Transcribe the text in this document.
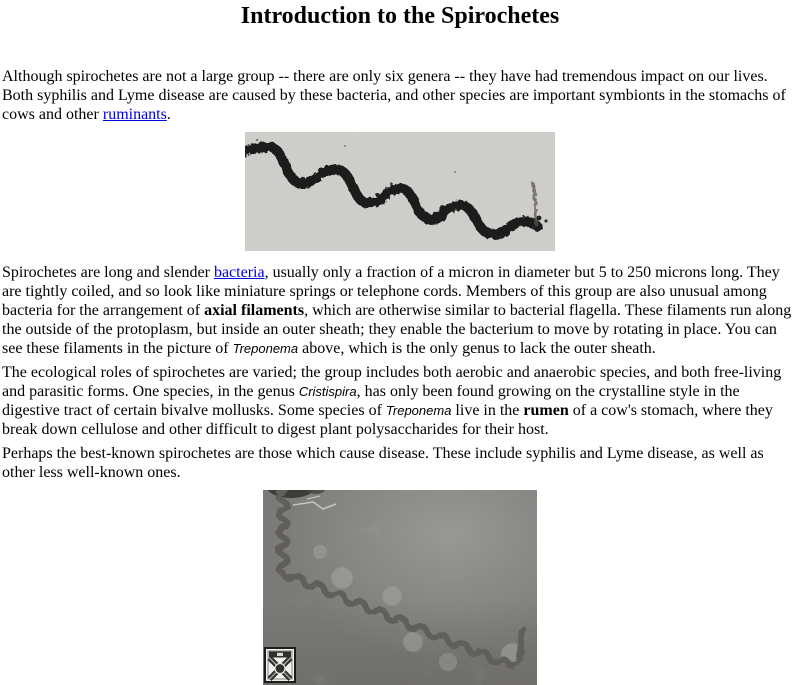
Introduction to the Spirochetes

Although spirochetes are not a large group -- there are only six genera -- they have had tremendous impact on our lives. Both syphilis and Lyme disease are caused by these bacteria, and other species are important symbionts in the stomachs of cows and other ruminants.

Spirochetes are long and slender bacteria, usually only a fraction of a micron in diameter but 5 to 250 microns long. They are tightly coiled, and so look like miniature springs or telephone cords. Members of this group are also unusual among bacteria for the arrangement of axial filaments, which are otherwise similar to bacterial flagella. These filaments run along the outside of the protoplasm, but inside an outer sheath; they enable the bacterium to move by rotating in place. You can see these filaments in the picture of Treponema above, which is the only genus to lack the outer sheath.

The ecological roles of spirochetes are varied; the group includes both aerobic and anaerobic species, and both free-living and parasitic forms. One species, in the genus Cristispira, has only been found growing on the crystalline style in the digestive tract of certain bivalve mollusks. Some species of Treponema live in the rumen of a cow's stomach, where they break down cellulose and other difficult to digest plant polysaccharides for their host.

Perhaps the best-known spirochetes are those which cause disease. These include syphilis and Lyme disease, as well as other less well-known ones.
